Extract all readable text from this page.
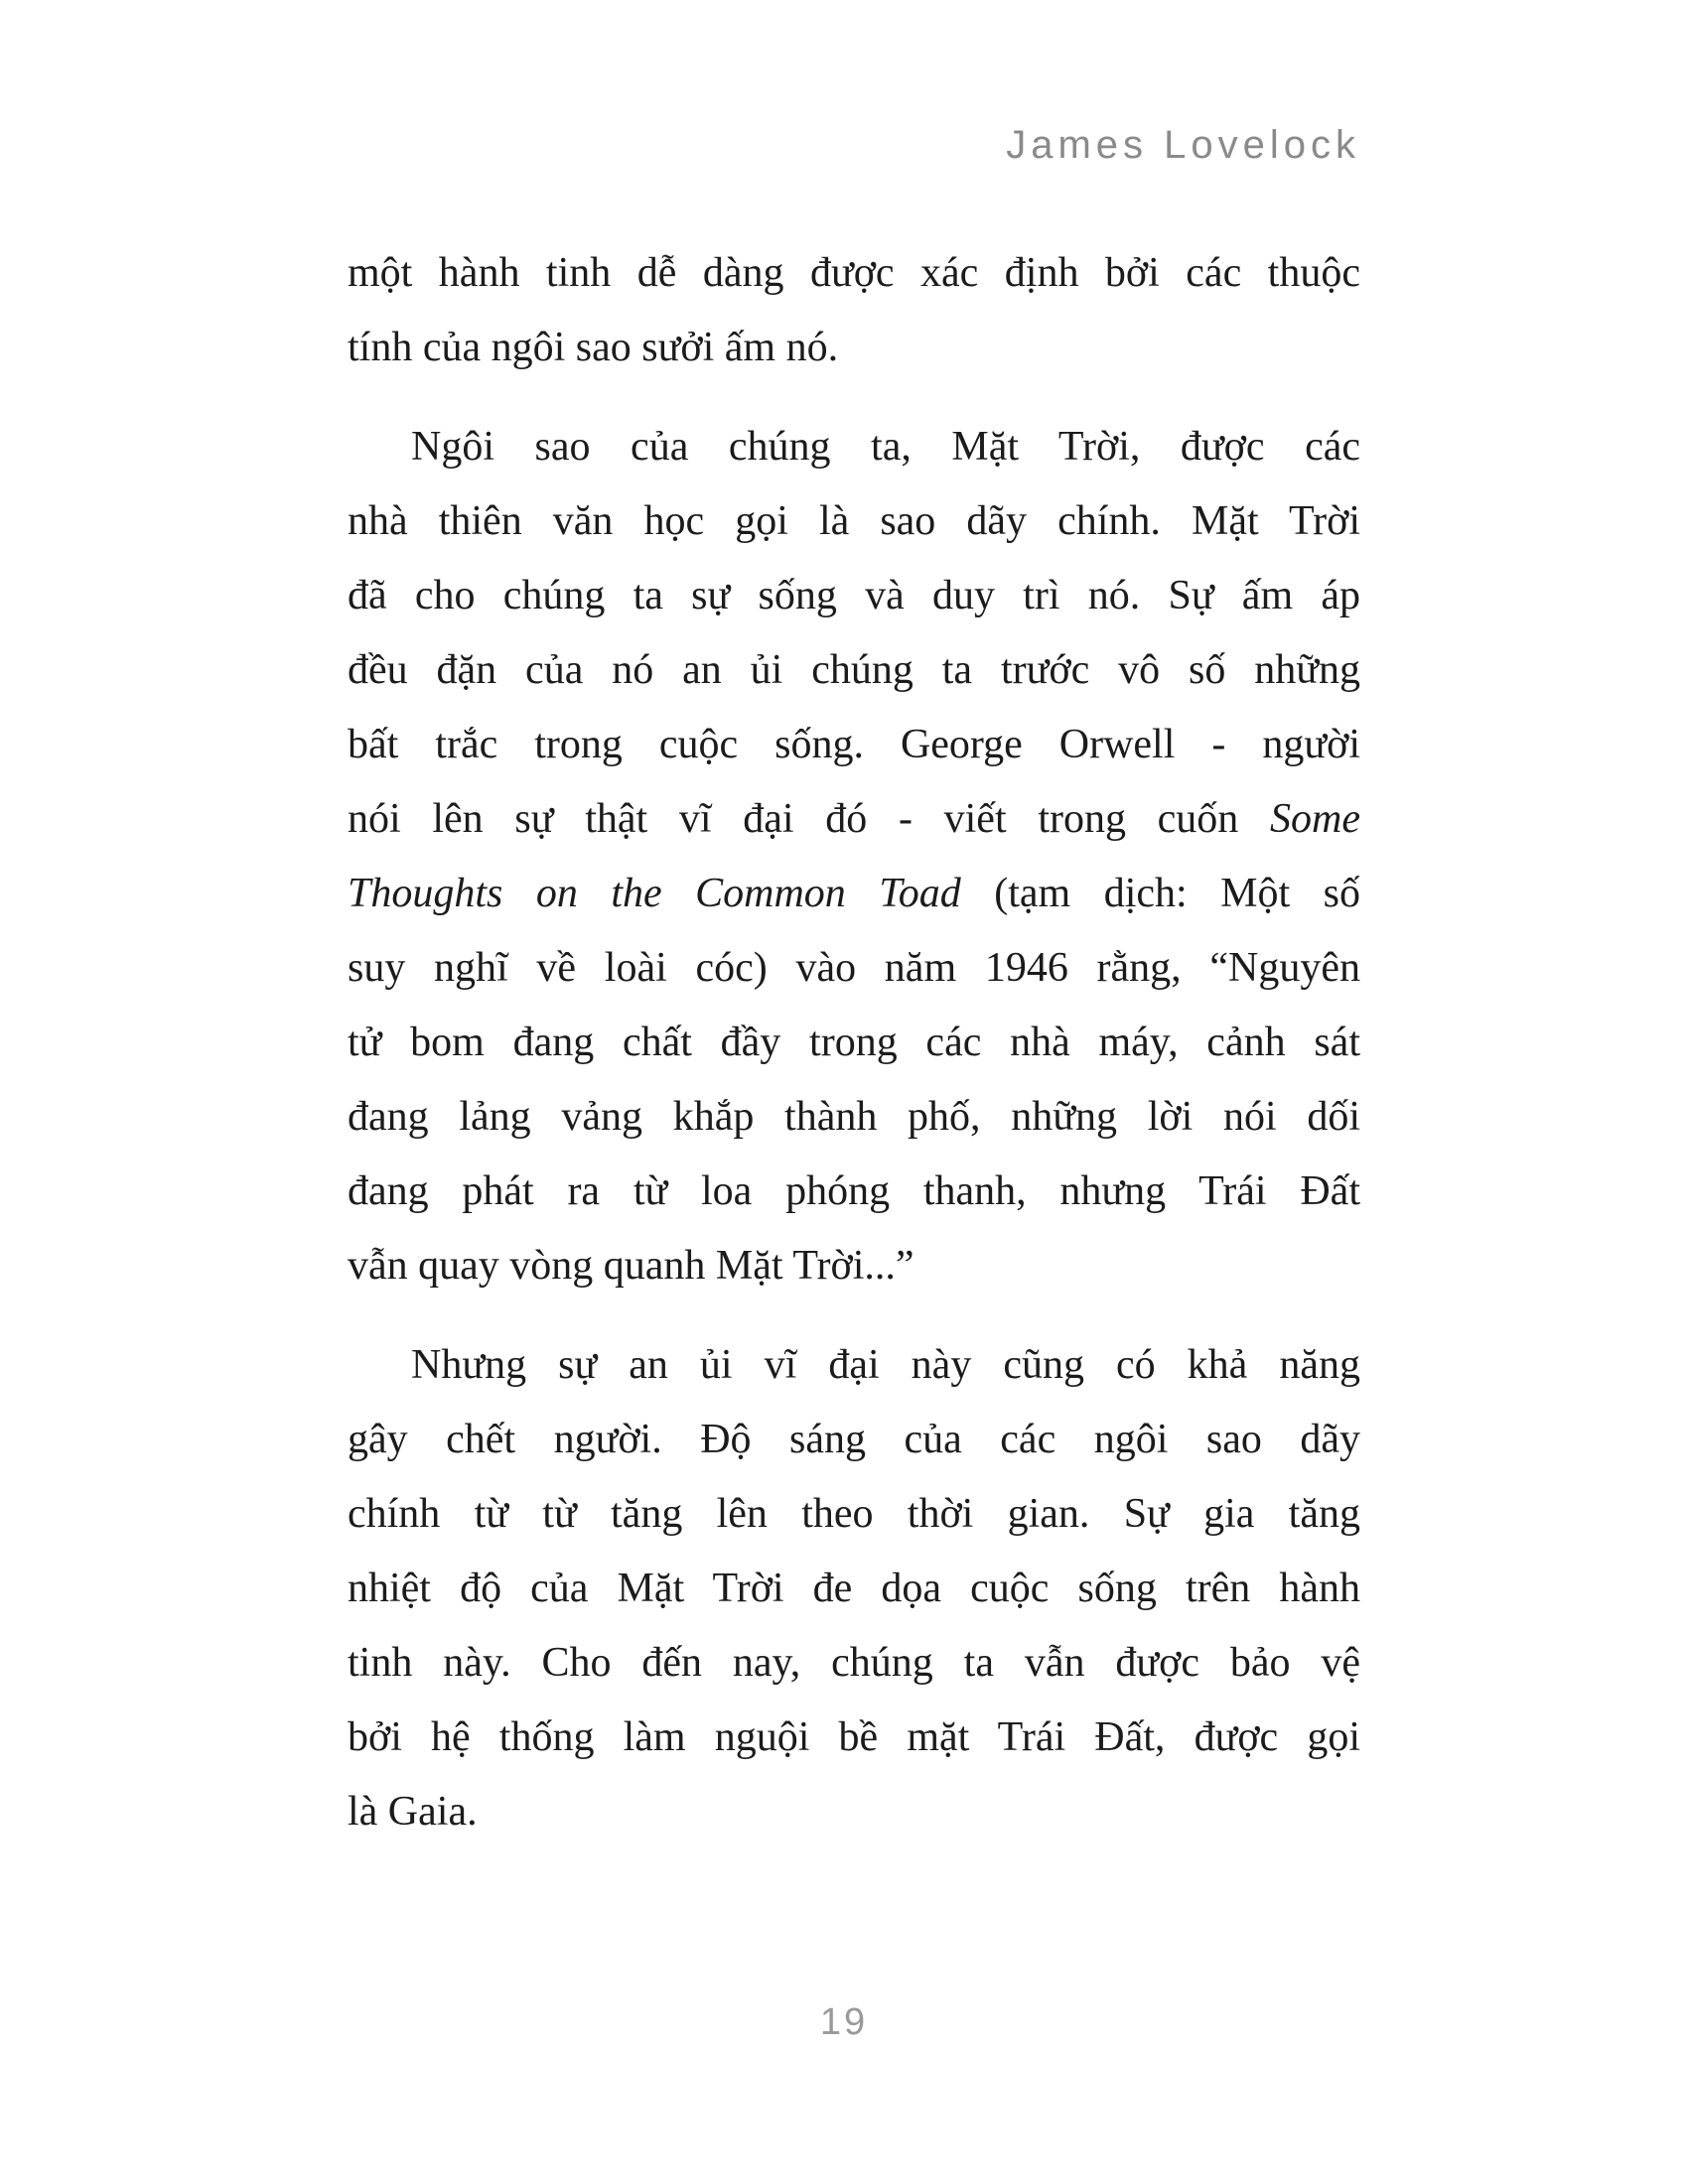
James Lovelock
một hành tinh dễ dàng được xác định bởi các thuộc
tính của ngôi sao sưởi ấm nó.
Ngôi sao của chúng ta, Mặt Trời, được các
nhà thiên văn học gọi là sao dãy chính. Mặt Trời
đã cho chúng ta sự sống và duy trì nó. Sự ấm áp
đều đặn của nó an ủi chúng ta trước vô số những
bất trắc trong cuộc sống. George Orwell - người
nói lên sự thật vĩ đại đó - viết trong cuốn Some
Thoughts on the Common Toad (tạm dịch: Một số
suy nghĩ về loài cóc) vào năm 1946 rằng, “Nguyên
tử bom đang chất đầy trong các nhà máy, cảnh sát
đang lảng vảng khắp thành phố, những lời nói dối
đang phát ra từ loa phóng thanh, nhưng Trái Đất
vẫn quay vòng quanh Mặt Trời...”
Nhưng sự an ủi vĩ đại này cũng có khả năng
gây chết người. Độ sáng của các ngôi sao dãy
chính từ từ tăng lên theo thời gian. Sự gia tăng
nhiệt độ của Mặt Trời đe dọa cuộc sống trên hành
tinh này. Cho đến nay, chúng ta vẫn được bảo vệ
bởi hệ thống làm nguội bề mặt Trái Đất, được gọi
là Gaia.
19
